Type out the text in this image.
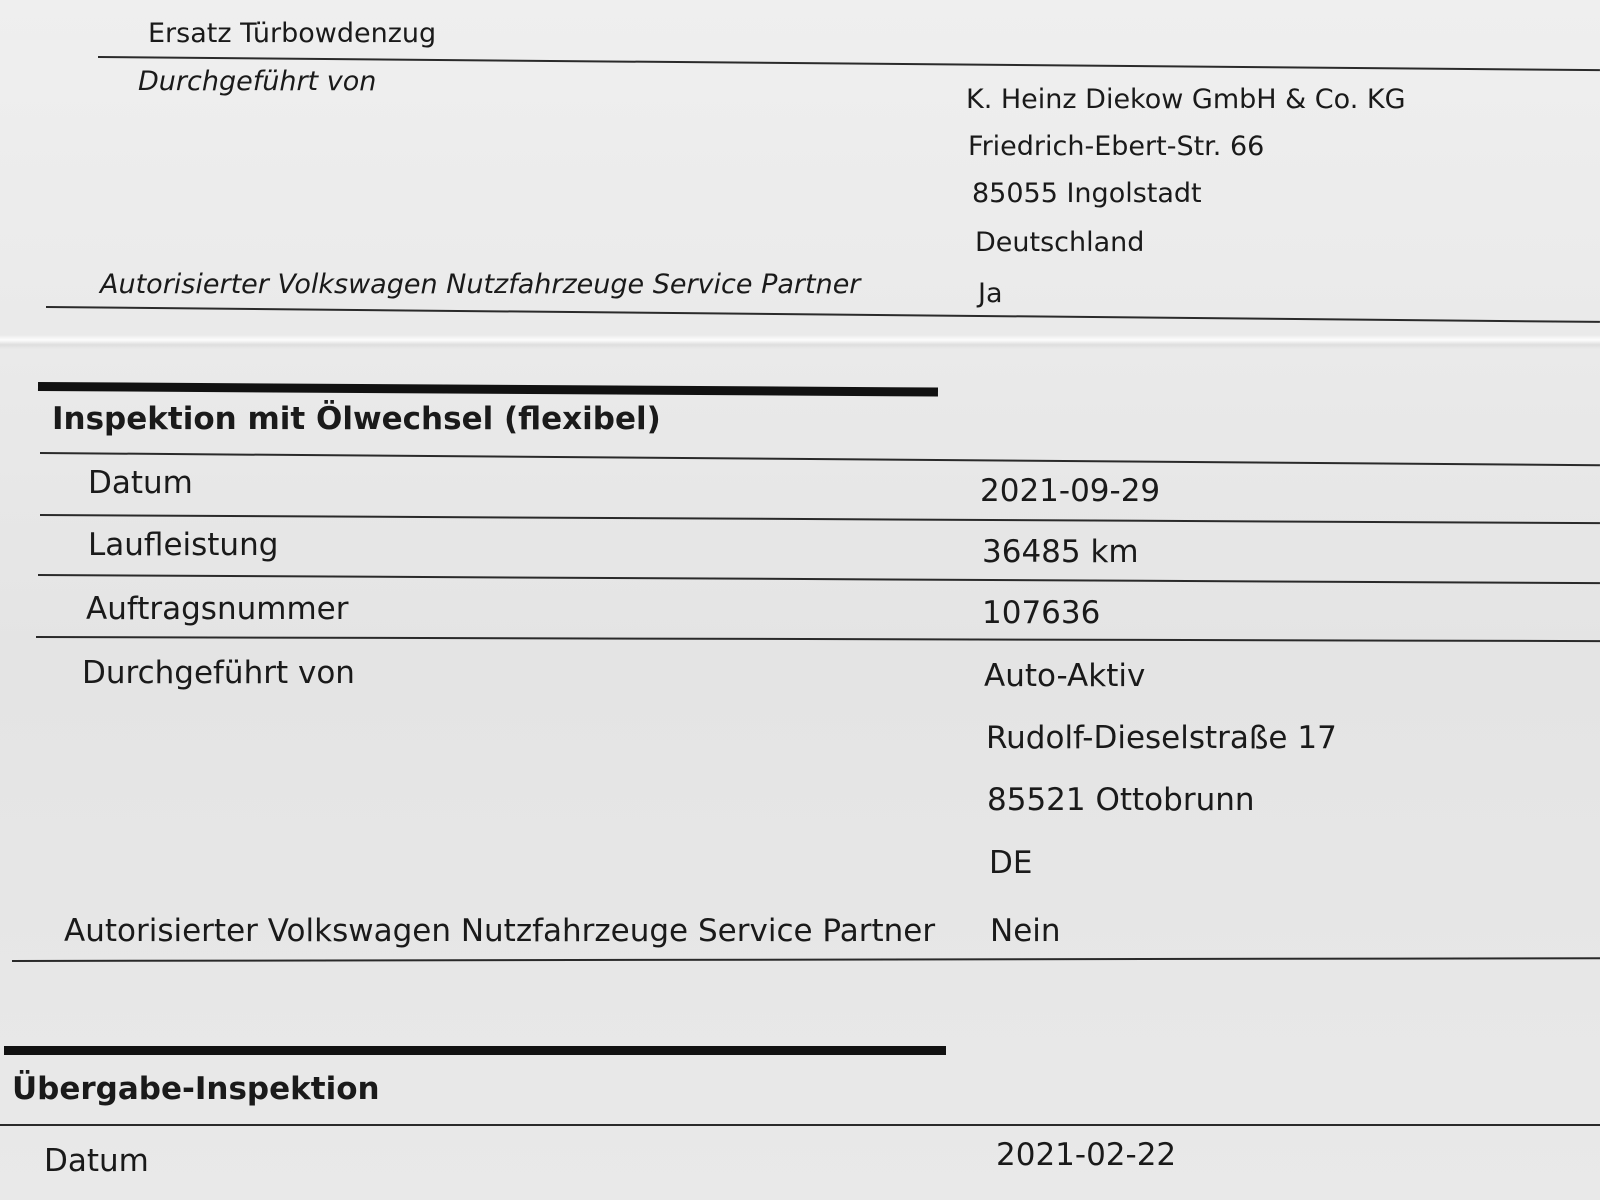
Ersatz Türbowdenzug
Durchgeführt von
K. Heinz Diekow GmbH & Co. KG
Friedrich-Ebert-Str. 66
85055 Ingolstadt
Deutschland
Autorisierter Volkswagen Nutzfahrzeuge Service Partner	Ja
Inspektion mit Ölwechsel (flexibel)
Datum	2021-09-29
Laufleistung	36485 km
Auftragsnummer	107636
Durchgeführt von	Auto-Aktiv
Rudolf-Dieselstraße 17
85521 Ottobrunn
DE
Autorisierter Volkswagen Nutzfahrzeuge Service Partner Nein
Übergabe-Inspektion
Datum	2021-02-22
